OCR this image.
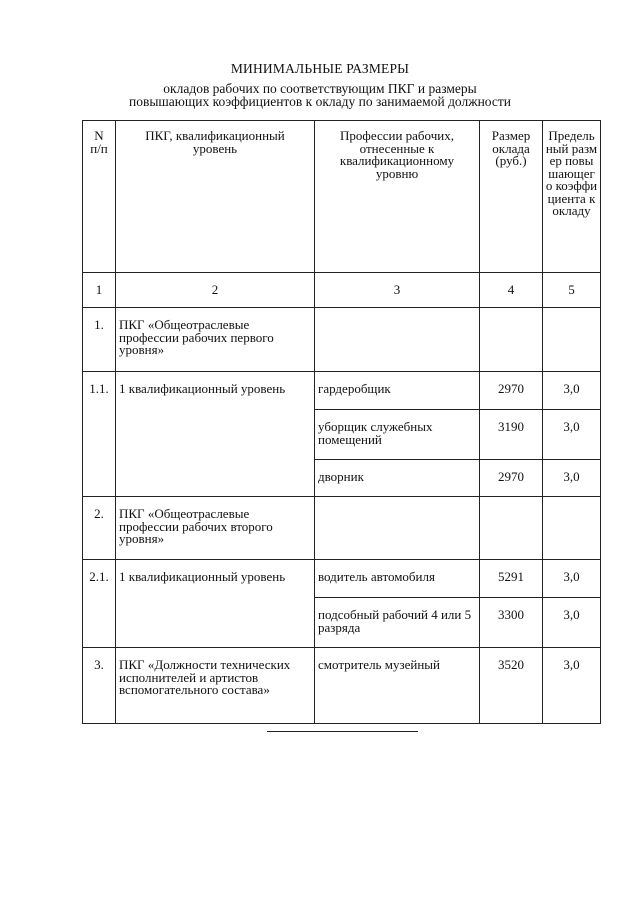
МИНИМАЛЬНЫЕ РАЗМЕРЫ
окладов рабочих по соответствующим ПКГ и размеры
повышающих коэффициентов к окладу по занимаемой должности
N п/п	ПКГ, квалификационный уровень	Профессии рабочих, отнесенные к квалификационному уровню	Размер оклада (руб.)	Предельный размер повышающего коэффициента к окладу

1	2	3	4	5
1.	ПКГ «Общеотраслевые профессии рабочих первого уровня»			
1.1.	1 квалификационный уровень	гардеробщик	2970	3,0
		уборщик служебных помещений	3190	3,0
		дворник	2970	3,0
2.	ПКГ «Общеотраслевые профессии рабочих второго уровня»			
2.1.	1 квалификационный уровень	водитель автомобиля	5291	3,0
		подсобный рабочий 4 или 5 разряда	3300	3,0
3.	ПКГ «Должности технических исполнителей и артистов вспомогательного состава»	смотритель музейный	3520	3,0
